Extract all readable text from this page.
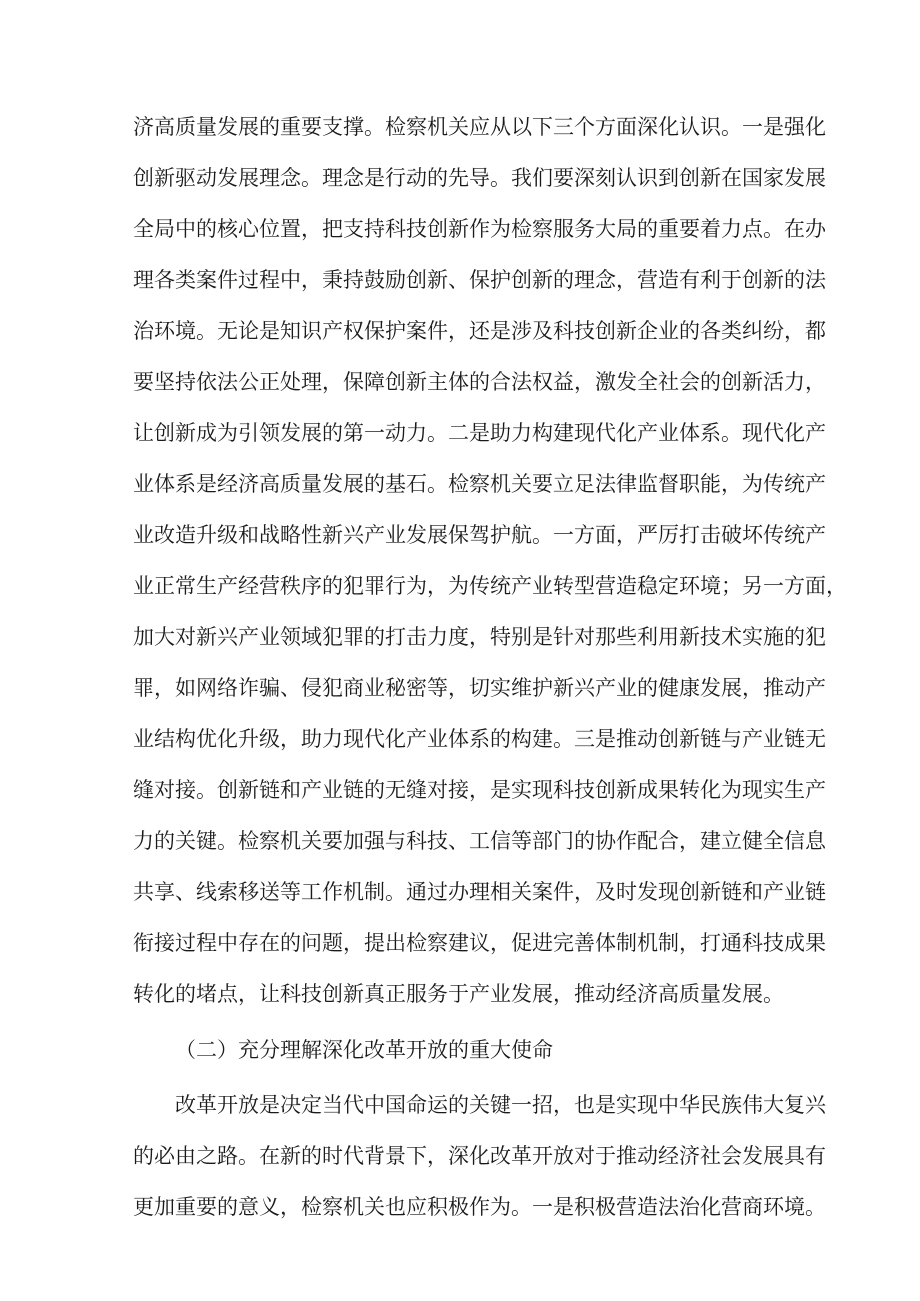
济高质量发展的重要支撑。检察机关应从以下三个方面深化认识。一是强化
创新驱动发展理念。理念是行动的先导。我们要深刻认识到创新在国家发展
全局中的核心位置，把支持科技创新作为检察服务大局的重要着力点。在办
理各类案件过程中，秉持鼓励创新、保护创新的理念，营造有利于创新的法
治环境。无论是知识产权保护案件，还是涉及科技创新企业的各类纠纷，都
要坚持依法公正处理，保障创新主体的合法权益，激发全社会的创新活力，
让创新成为引领发展的第一动力。二是助力构建现代化产业体系。现代化产
业体系是经济高质量发展的基石。检察机关要立足法律监督职能，为传统产
业改造升级和战略性新兴产业发展保驾护航。一方面，严厉打击破坏传统产
业正常生产经营秩序的犯罪行为，为传统产业转型营造稳定环境；另一方面，
加大对新兴产业领域犯罪的打击力度，特别是针对那些利用新技术实施的犯
罪，如网络诈骗、侵犯商业秘密等，切实维护新兴产业的健康发展，推动产
业结构优化升级，助力现代化产业体系的构建。三是推动创新链与产业链无
缝对接。创新链和产业链的无缝对接，是实现科技创新成果转化为现实生产
力的关键。检察机关要加强与科技、工信等部门的协作配合，建立健全信息
共享、线索移送等工作机制。通过办理相关案件，及时发现创新链和产业链
衔接过程中存在的问题，提出检察建议，促进完善体制机制，打通科技成果
转化的堵点，让科技创新真正服务于产业发展，推动经济高质量发展。
（二）充分理解深化改革开放的重大使命
改革开放是决定当代中国命运的关键一招，也是实现中华民族伟大复兴
的必由之路。在新的时代背景下，深化改革开放对于推动经济社会发展具有
更加重要的意义，检察机关也应积极作为。一是积极营造法治化营商环境。
